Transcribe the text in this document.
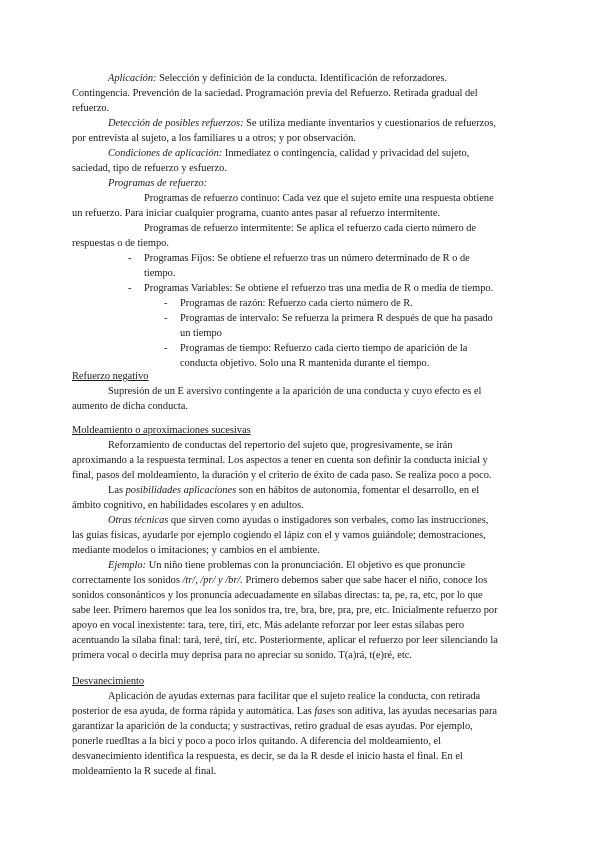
Aplicación: Selección y definición de la conducta. Identificación de reforzadores.
Contingencia. Prevención de la saciedad. Programación previa del Refuerzo. Retirada gradual del
refuerzo.
Detección de posibles refuerzos: Se utiliza mediante inventarios y cuestionarios de refuerzos,
por entrevista al sujeto, a los familiares u a otros; y por observación.
Condiciones de aplicación: Inmediatez o contingencia, calidad y privacidad del sujeto,
saciedad, tipo de refuerzo y esfuerzo.
Programas de refuerzo:
Programas de refuerzo continuo: Cada vez que el sujeto emite una respuesta obtiene
un refuerzo. Para iniciar cualquier programa, cuanto antes pasar al refuerzo intermitente.
Programas de refuerzo intermitente: Se aplica el refuerzo cada cierto número de
respuestas o de tiempo.
- Programas Fijos: Se obtiene el refuerzo tras un número determinado de R o de
tiempo.
- Programas Variables: Se obtiene el refuerzo tras una media de R o media de tiempo.
- Programas de razón: Refuerzo cada cierto número de R.
- Programas de intervalo: Se refuerza la primera R después de que ha pasado
un tiempo
- Programas de tiempo: Refuerzo cada cierto tiempo de aparición de la
conducta objetivo. Solo una R mantenida durante el tiempo.
Refuerzo negativo
Supresión de un E aversivo contingente a la aparición de una conducta y cuyo efecto es el
aumento de dicha conducta.
Moldeamiento o aproximaciones sucesivas
Reforzamiento de conductas del repertorio del sujeto que, progresivamente, se irán
aproximando a la respuesta terminal. Los aspectos a tener en cuenta son definir la conducta inicial y
final, pasos del moldeamiento, la duración y el criterio de éxito de cada paso. Se realiza poco a poco.
Las posibilidades aplicaciones son en hábitos de autonomía, fomentar el desarrollo, en el
ámbito cognitivo, en habilidades escolares y en adultos.
Otras técnicas que sirven como ayudas o instigadores son verbales, como las instrucciones,
las guías físicas, ayudarle por ejemplo cogiendo el lápiz con el y vamos guiándole; demostraciones,
mediante modelos o imitaciones; y cambios en el ambiente.
Ejemplo: Un niño tiene problemas con la pronunciación. El objetivo es que pronuncie
correctamente los sonidos /tr/, /pr/ y /br/. Primero debemos saber que sabe hacer el niño, conoce los
sonidos consonánticos y los pronuncia adecuadamente en sílabas directas: ta, pe, ra, etc, por lo que
sabe leer. Primero haremos que lea los sonidos tra, tre, bra, bre, pra, pre, etc. Inicialmente refuerzo por
apoyo en vocal inexistente: tara, tere, tiri, etc. Más adelante reforzar por leer estas sílabas pero
acentuando la sílaba final: tará, teré, tirí, etc. Posteriormente, aplicar el refuerzo por leer silenciando la
primera vocal o decirla muy deprisa para no apreciar su sonido. T(a)rá, t(e)ré, etc.
Desvanecimiento
Aplicación de ayudas externas para facilitar que el sujeto realice la conducta, con retirada
posterior de esa ayuda, de forma rápida y automática. Las fases son aditiva, las ayudas necesarias para
garantizar la aparición de la conducta; y sustractivas, retiro gradual de esas ayudas. Por ejemplo,
ponerle ruedItas a la bici y poco a poco irlos quitando. A diferencia del moldeamiento, el
desvanecimiento identifica la respuesta, es decir, se da la R desde el inicio hasta el final. En el
moldeamiento la R sucede al final.
